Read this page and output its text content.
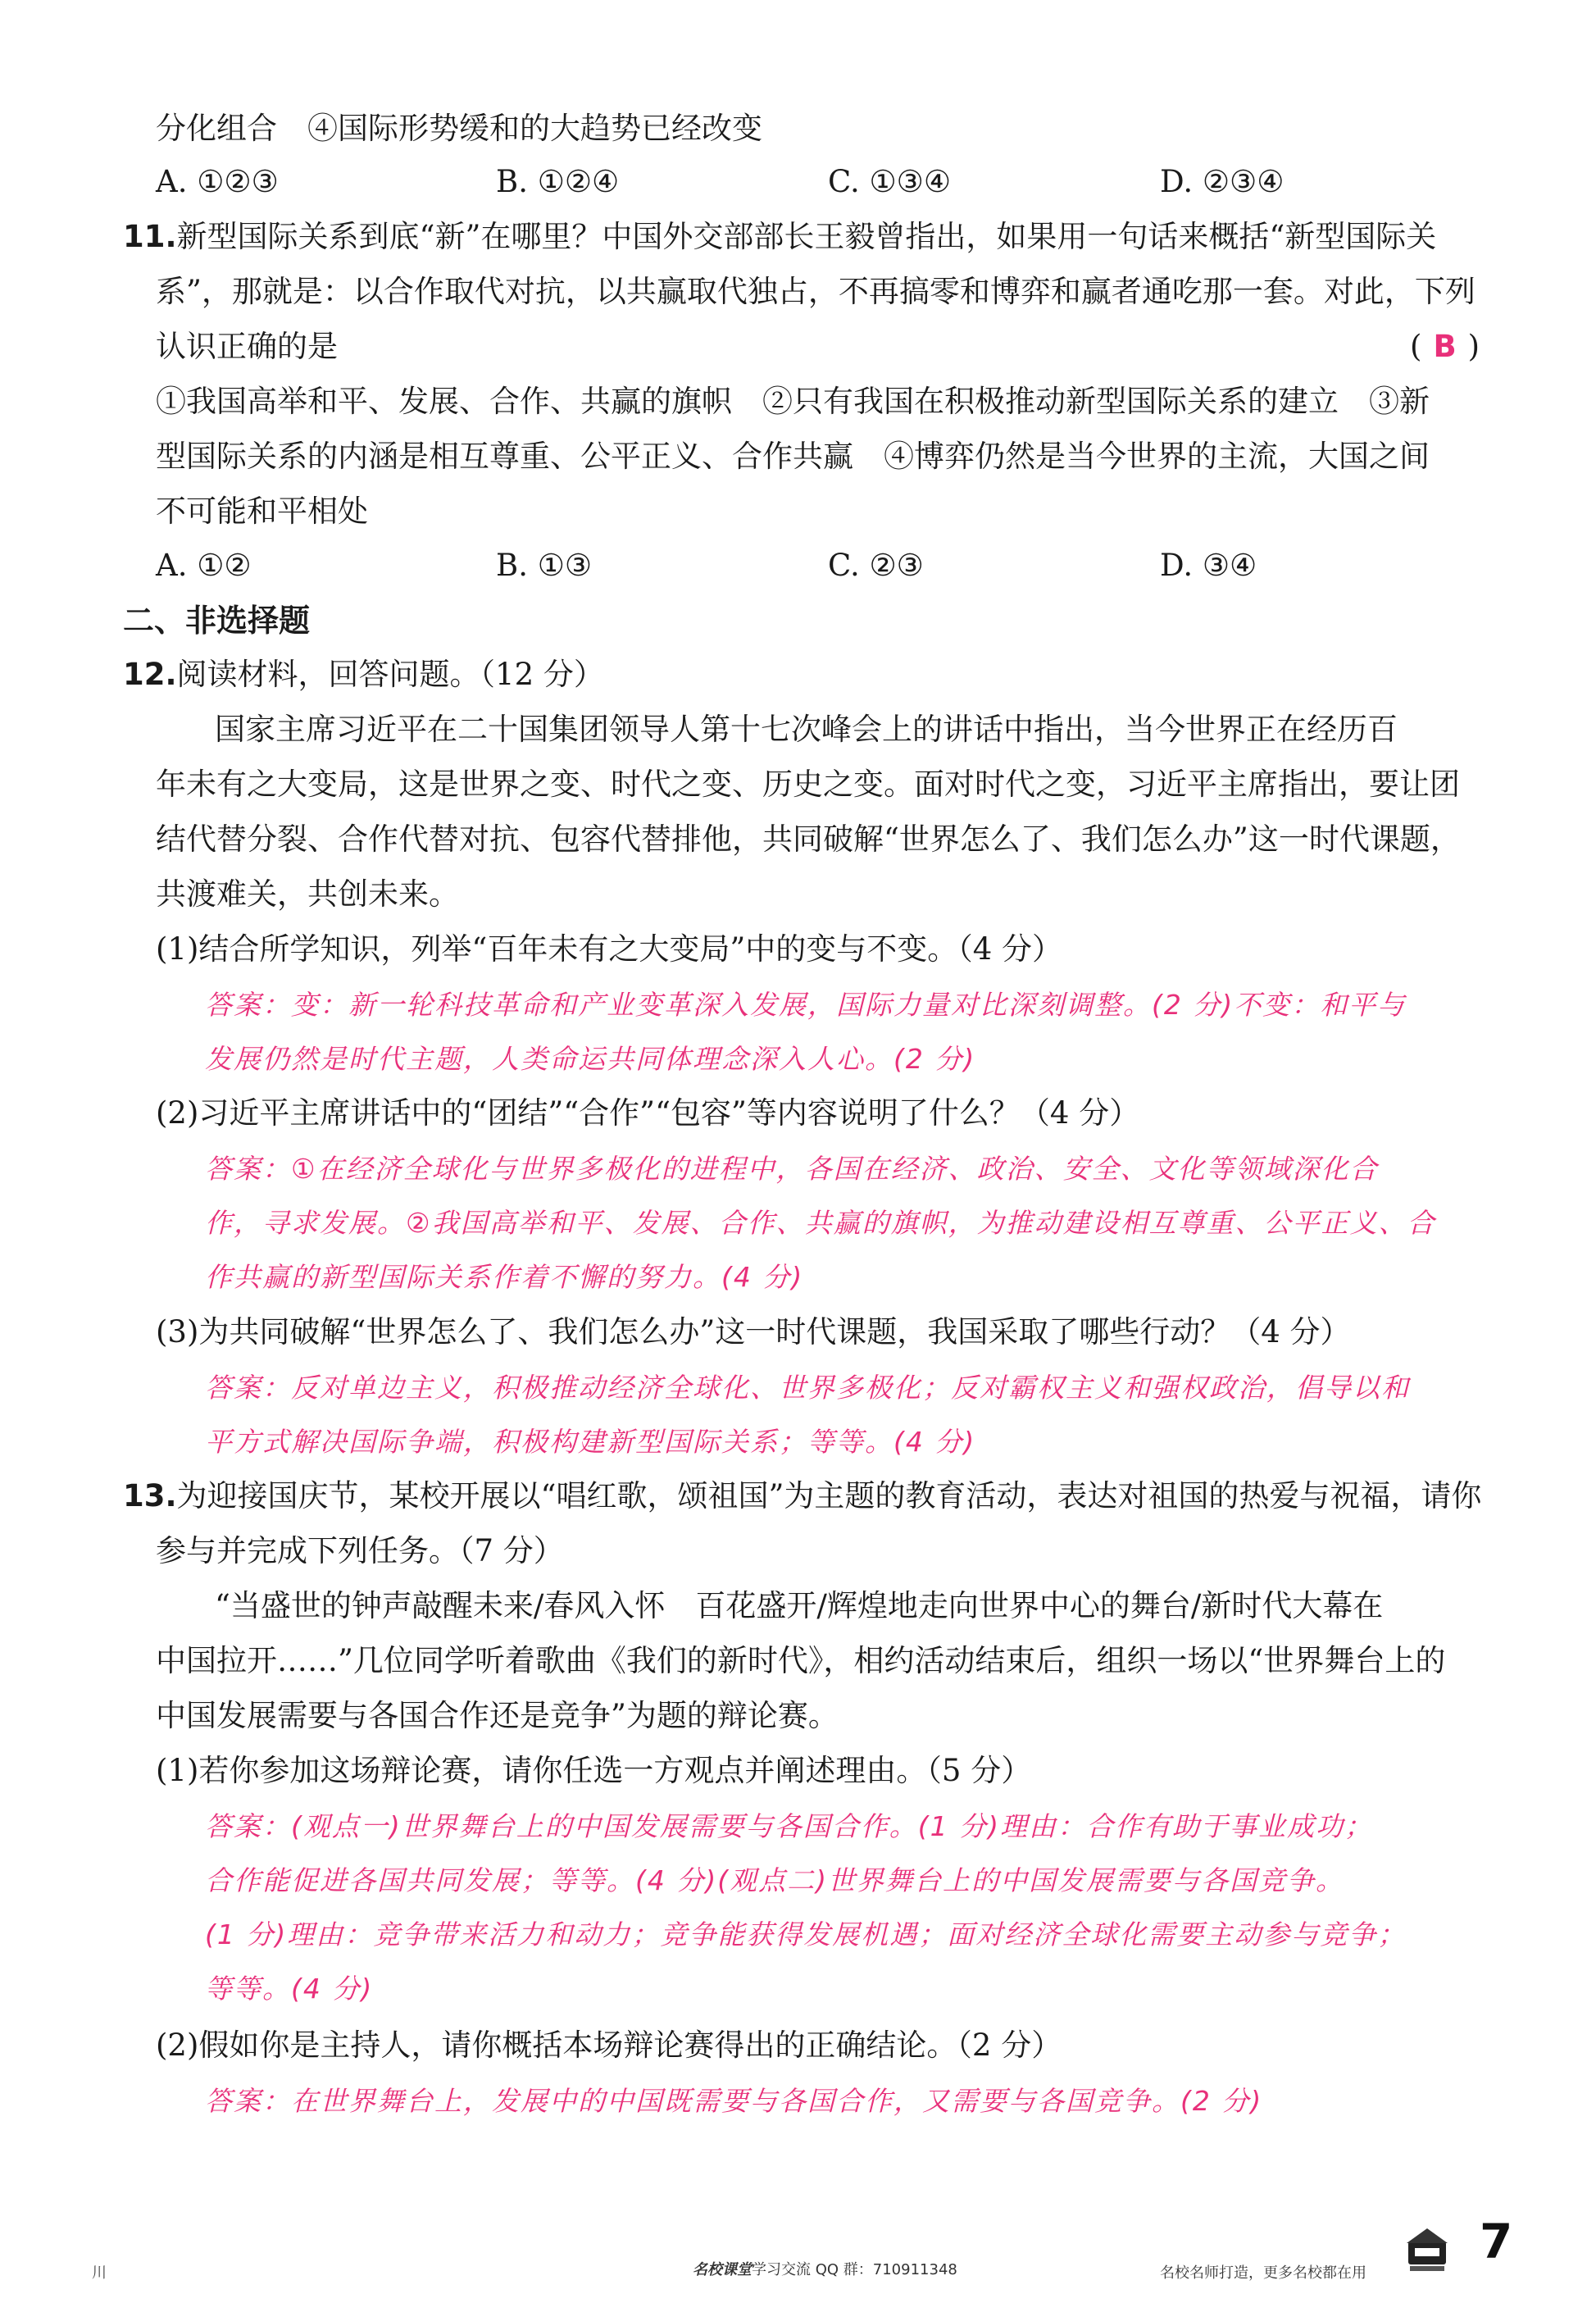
分化组合　④国际形势缓和的大趋势已经改变
A. ①②③	B. ①②④	C. ①③④	D. ②③④
11.新型国际关系到底“新”在哪里？中国外交部部长王毅曾指出，如果用一句话来概括“新型国际关
系”，那就是：以合作取代对抗，以共赢取代独占，不再搞零和博弈和赢者通吃那一套。对此，下列
认识正确的是	( B )
①我国高举和平、发展、合作、共赢的旗帜　②只有我国在积极推动新型国际关系的建立　③新
型国际关系的内涵是相互尊重、公平正义、合作共赢　④博弈仍然是当今世界的主流，大国之间
不可能和平相处
A. ①②	B. ①③	C. ②③	D. ③④
二、非选择题
12.阅读材料，回答问题。（12 分）
国家主席习近平在二十国集团领导人第十七次峰会上的讲话中指出，当今世界正在经历百
年未有之大变局，这是世界之变、时代之变、历史之变。面对时代之变，习近平主席指出，要让团
结代替分裂、合作代替对抗、包容代替排他，共同破解“世界怎么了、我们怎么办”这一时代课题，
共渡难关，共创未来。
(1)结合所学知识，列举“百年未有之大变局”中的变与不变。（4 分）
答案：变：新一轮科技革命和产业变革深入发展，国际力量对比深刻调整。(2 分)不变：和平与
发展仍然是时代主题，人类命运共同体理念深入人心。(2 分)
(2)习近平主席讲话中的“团结”“合作”“包容”等内容说明了什么？（4 分）
答案：①在经济全球化与世界多极化的进程中，各国在经济、政治、安全、文化等领域深化合
作，寻求发展。②我国高举和平、发展、合作、共赢的旗帜，为推动建设相互尊重、公平正义、合
作共赢的新型国际关系作着不懈的努力。(4 分)
(3)为共同破解“世界怎么了、我们怎么办”这一时代课题，我国采取了哪些行动？（4 分）
答案：反对单边主义，积极推动经济全球化、世界多极化；反对霸权主义和强权政治，倡导以和
平方式解决国际争端，积极构建新型国际关系；等等。(4 分)
13.为迎接国庆节，某校开展以“唱红歌，颂祖国”为主题的教育活动，表达对祖国的热爱与祝福，请你
参与并完成下列任务。（7 分）
“当盛世的钟声敲醒未来/春风入怀　百花盛开/辉煌地走向世界中心的舞台/新时代大幕在
中国拉开……”几位同学听着歌曲《我们的新时代》，相约活动结束后，组织一场以“世界舞台上的
中国发展需要与各国合作还是竞争”为题的辩论赛。
(1)若你参加这场辩论赛，请你任选一方观点并阐述理由。（5 分）
答案：(观点一)世界舞台上的中国发展需要与各国合作。(1 分)理由：合作有助于事业成功；
合作能促进各国共同发展；等等。(4 分)(观点二)世界舞台上的中国发展需要与各国竞争。
(1 分)理由：竞争带来活力和动力；竞争能获得发展机遇；面对经济全球化需要主动参与竞争；
等等。(4 分)
(2)假如你是主持人，请你概括本场辩论赛得出的正确结论。（2 分）
答案：在世界舞台上，发展中的中国既需要与各国合作，又需要与各国竞争。(2 分)
川	名校课堂学习交流 QQ 群：710911348	名校名师打造，更多名校都在用
7
